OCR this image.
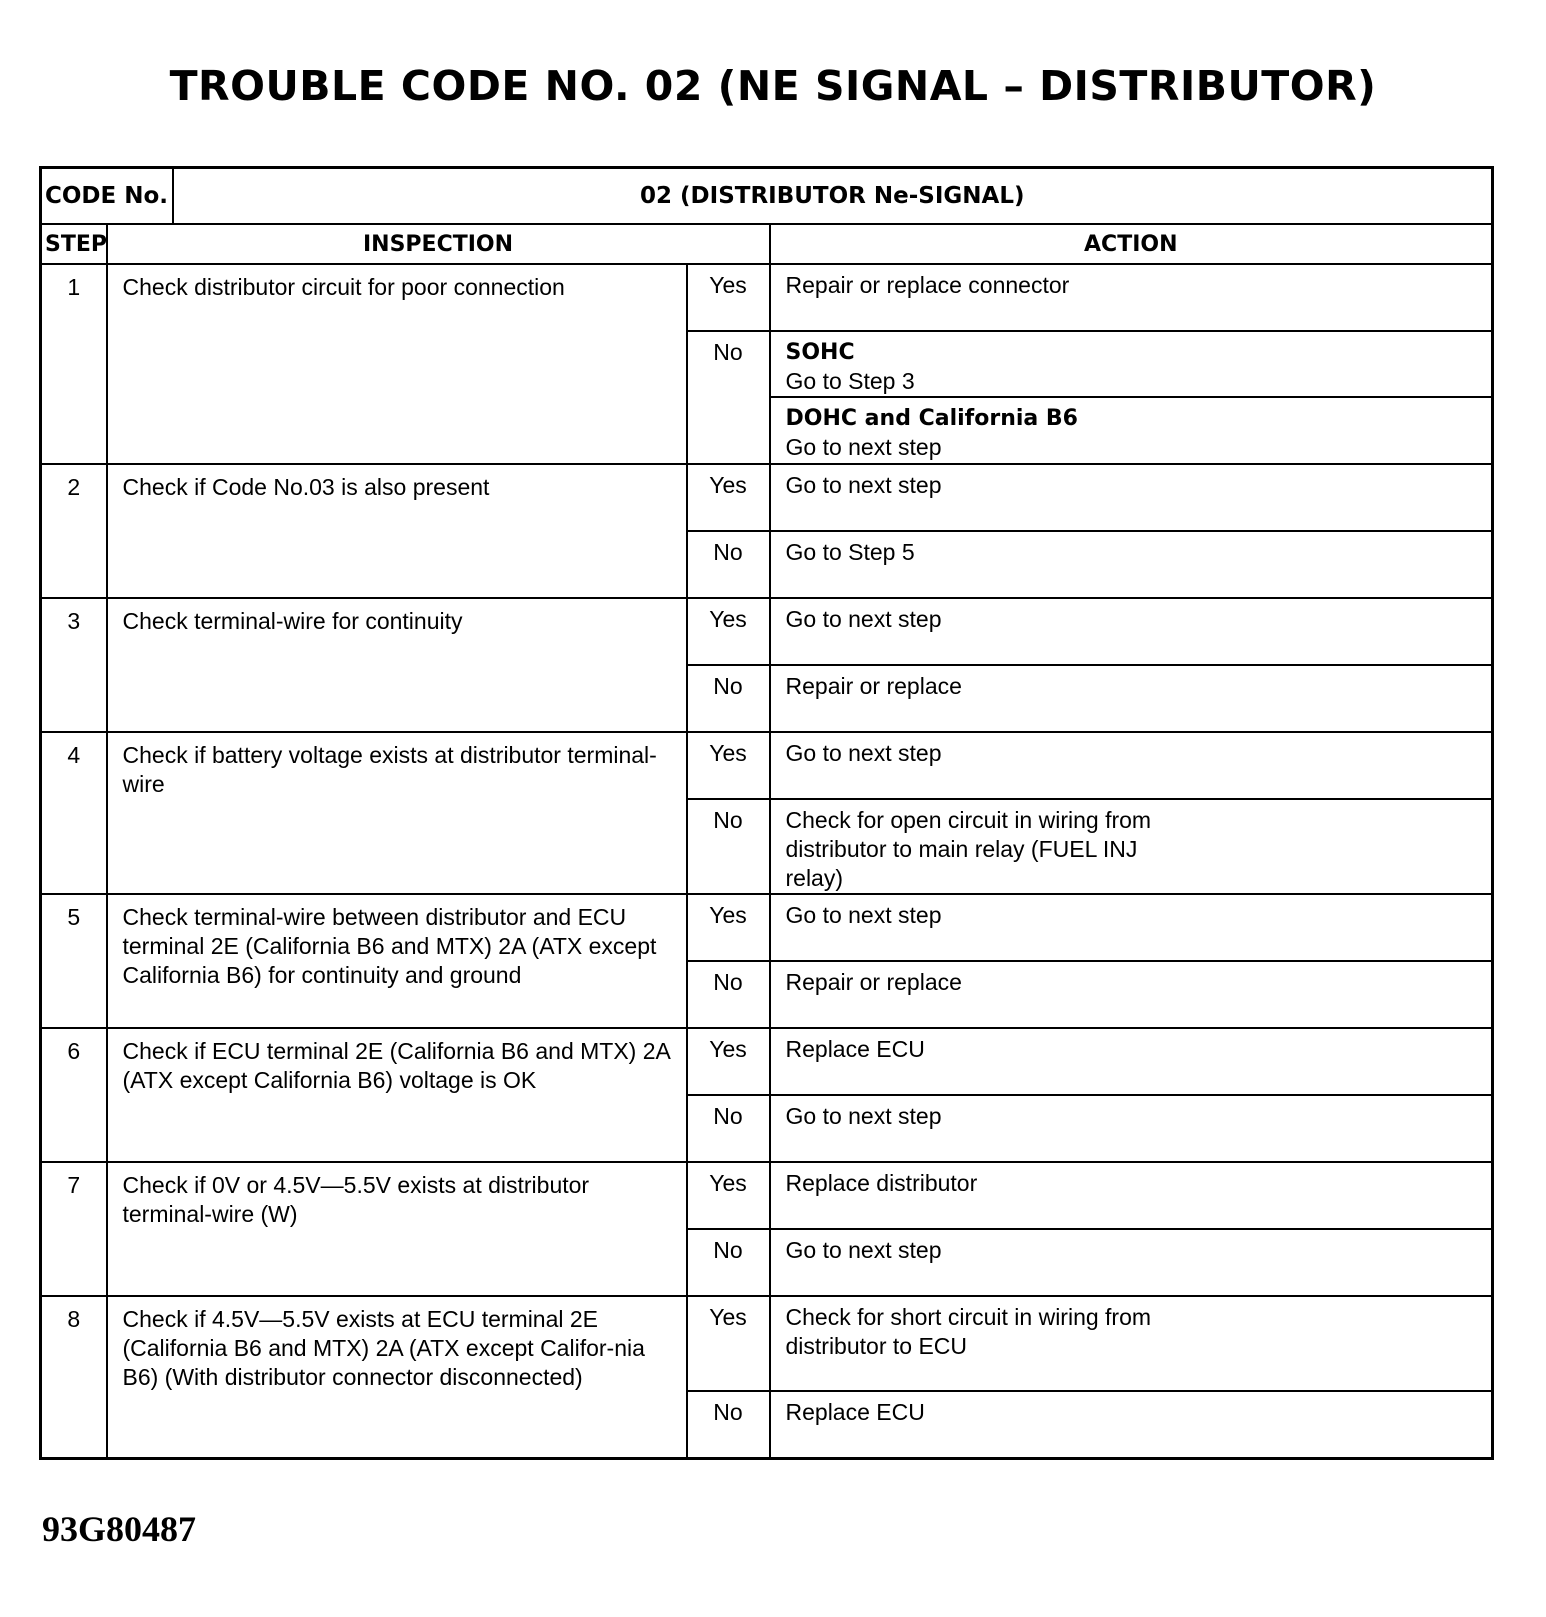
TROUBLE CODE NO. 02 (NE SIGNAL – DISTRIBUTOR)
CODE No.		02 (DISTRIBUTOR Ne-SIGNAL)		
STEP	INSPECTION			ACTION
1	Check distributor circuit for poor connection		Yes	Repair or replace connector
			No	SOHC
Go to Step 3

				DOHC and California B6
Go to next step

2	Check if Code No.03 is also present		Yes	Go to next step
			No	Go to Step 5
3	Check terminal-wire for continuity		Yes	Go to next step
			No	Repair or replace
4	Check if battery voltage exists at distributor terminal-wire		Yes	Go to next step
			No	Check for open circuit in wiring from distributor to main relay (FUEL INJ relay)
5	Check terminal-wire between distributor and ECU terminal 2E (California B6 and MTX) 2A (ATX except California B6) for continuity and ground		Yes	Go to next step
			No	Repair or replace
6	Check if ECU terminal 2E (California B6 and MTX) 2A (ATX except California B6) voltage is OK		Yes	Replace ECU
			No	Go to next step
7	Check if 0V or 4.5V—5.5V exists at distributor terminal-wire (W)		Yes	Replace distributor
			No	Go to next step
8	Check if 4.5V—5.5V exists at ECU terminal 2E (California B6 and MTX) 2A (ATX except Califor-nia B6) (With distributor connector disconnected)		Yes	Check for short circuit in wiring from distributor to ECU
			No	Replace ECU
93G80487
